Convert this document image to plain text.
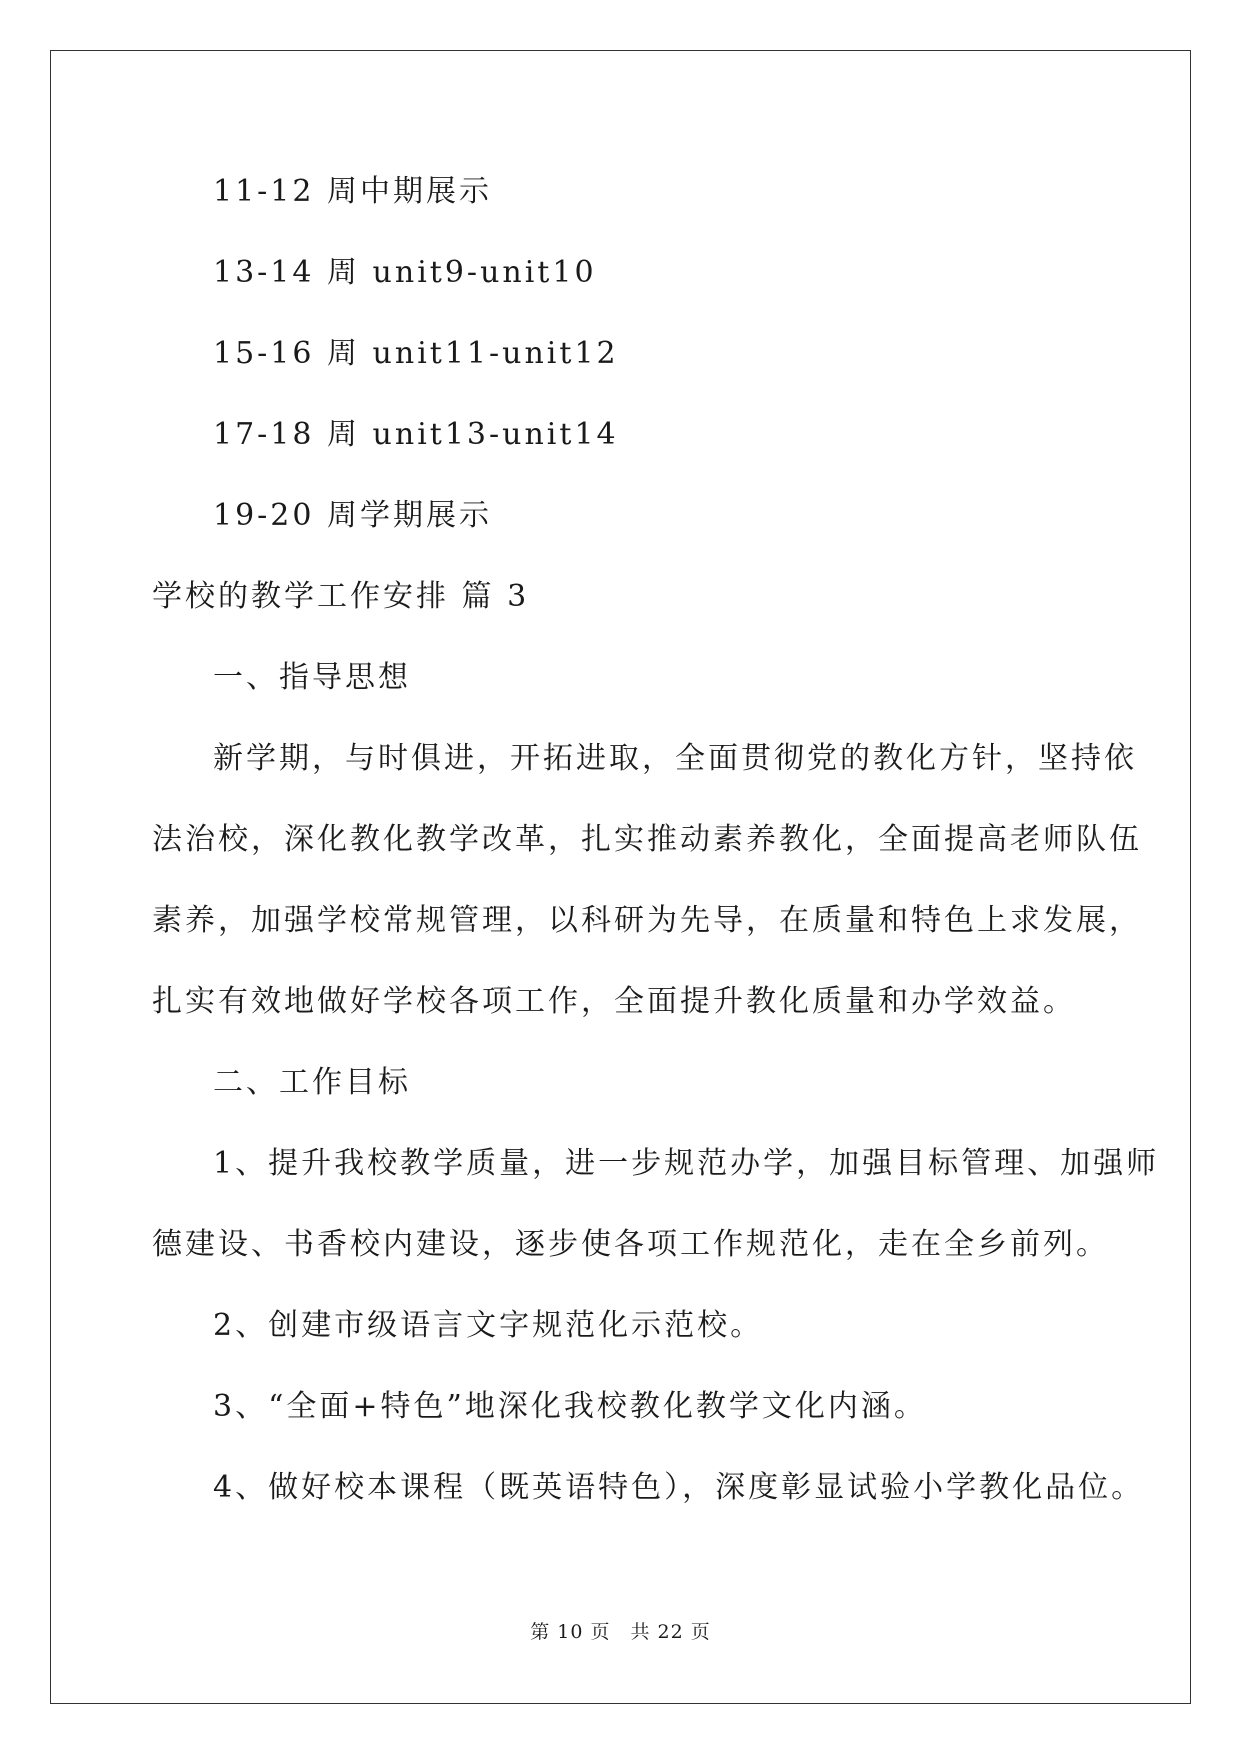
11-12 周中期展示
13-14 周 unit9-unit10
15-16 周 unit11-unit12
17-18 周 unit13-unit14
19-20 周学期展示
学校的教学工作安排 篇 3
一、指导思想
新学期，与时俱进，开拓进取，全面贯彻党的教化方针，坚持依
法治校，深化教化教学改革，扎实推动素养教化，全面提高老师队伍
素养，加强学校常规管理，以科研为先导，在质量和特色上求发展，
扎实有效地做好学校各项工作，全面提升教化质量和办学效益。
二、工作目标
1、提升我校教学质量，进一步规范办学，加强目标管理、加强师
德建设、书香校内建设，逐步使各项工作规范化，走在全乡前列。
2、创建市级语言文字规范化示范校。
3、“全面+特色”地深化我校教化教学文化内涵。
4、做好校本课程（既英语特色），深度彰显试验小学教化品位。
第 10 页　共 22 页
